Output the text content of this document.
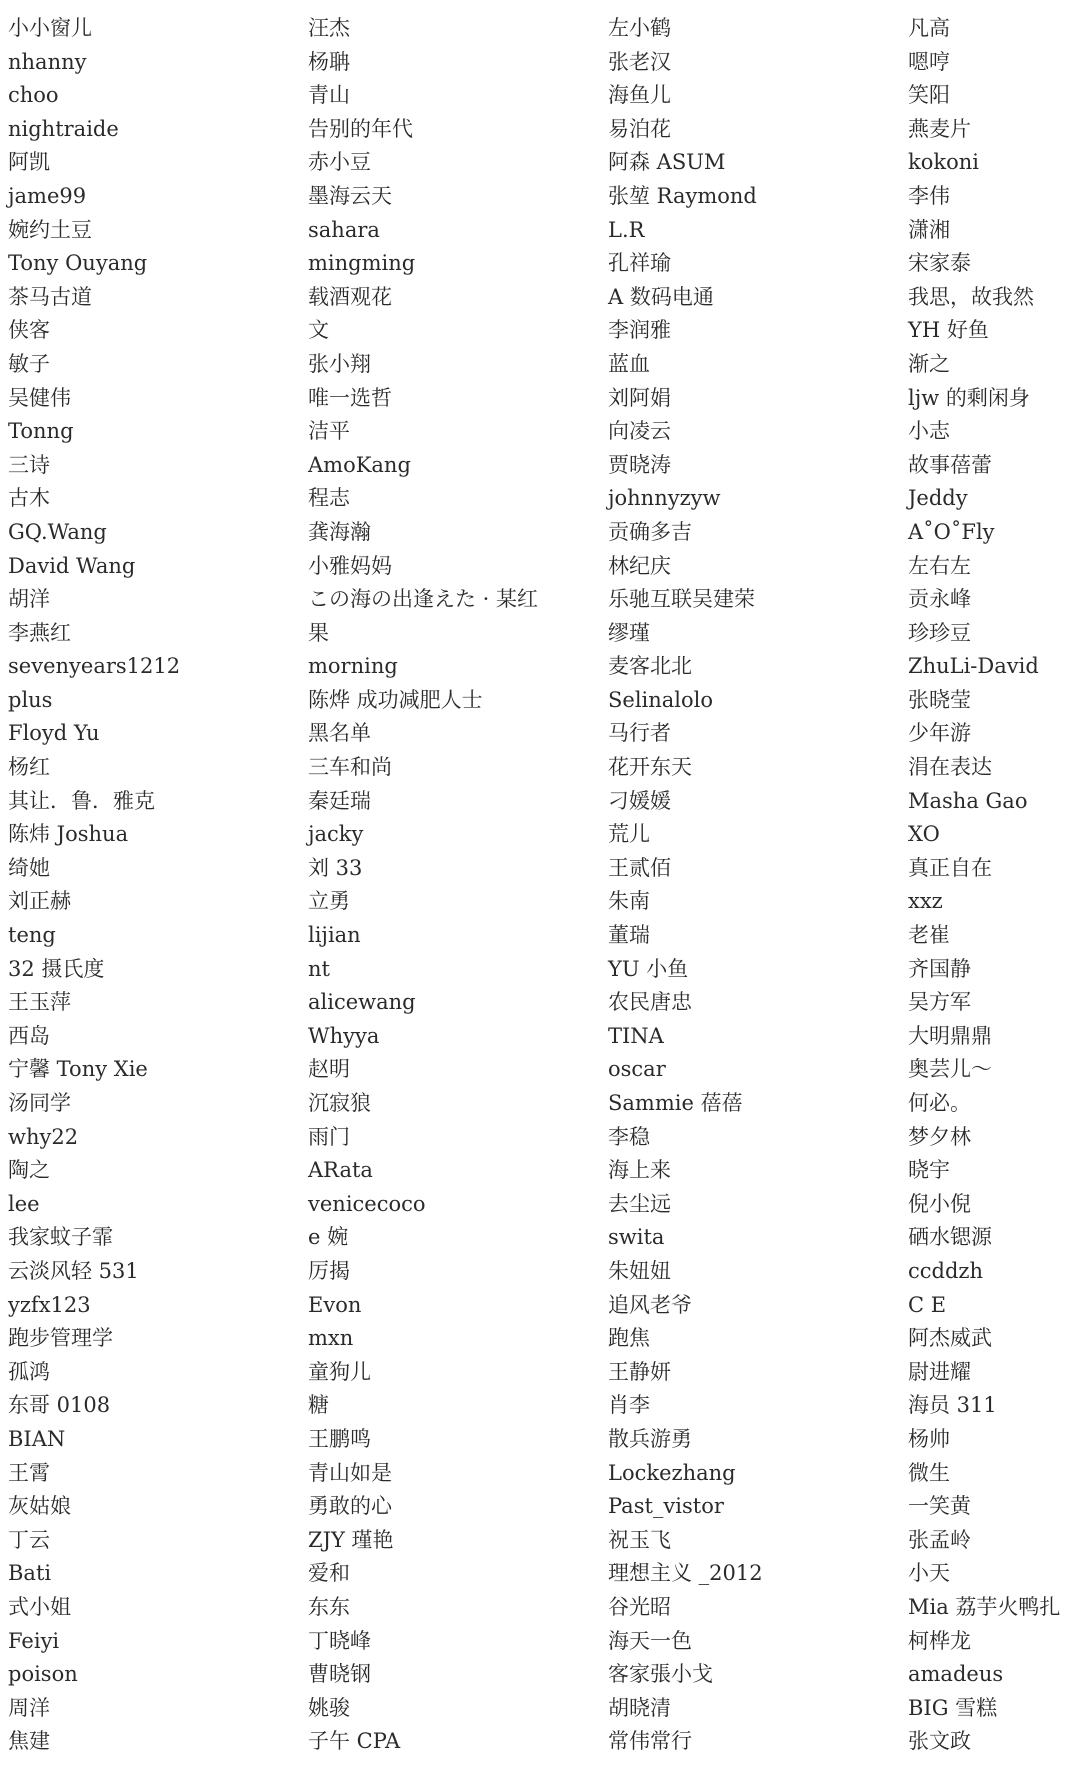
小小窗儿
nhanny
choo
nightraide
阿凯
jame99
婉约土豆
Tony Ouyang
茶马古道
侠客
敏子
吴健伟
Tonng
三诗
古木
GQ.Wang
David Wang
胡洋
李燕红
sevenyears1212
plus
Floyd Yu
杨红
其让．鲁．雅克
陈炜 Joshua
绮她
刘正赫
teng
32 摄氏度
王玉萍
西岛
宁馨 Tony Xie
汤同学
why22
陶之
lee
我家蚊子霏
云淡风轻 531
yzfx123
跑步管理学
孤鸿
东哥 0108
BIAN
王霄
灰姑娘
丁云
Bati
式小姐
Feiyi
poison
周洋
焦建
汪杰
杨聃
青山
告别的年代
赤小豆
墨海云天
sahara
mingming
载酒观花
文
张小翔
唯一选哲
洁平
AmoKang
程志
龚海瀚
小雅妈妈
この海の出逢えた · 某红
果
morning
陈烨 成功减肥人士
黑名单
三车和尚
秦廷瑞
jacky
刘 33
立勇
lijian
nt
alicewang
Whyya
赵明
沉寂狼
雨门
ARata
venicecoco
e 婉
厉揭
Evon
mxn
童狗儿
糖
王鹏鸣
青山如是
勇敢的心
ZJY 瑾艳
爱和
东东
丁晓峰
曹晓钢
姚骏
子午 CPA
左小鹤
张老汉
海鱼儿
易泊花
阿森 ASUM
张堃 Raymond
L.R
孔祥瑜
A 数码电通
李润雅
蓝血
刘阿娟
向凌云
贾晓涛
johnnyzyw
贡确多吉
林纪庆
乐驰互联吴建荣
缪瑾
麦客北北
Selinalolo
马行者
花开东天
刁媛媛
荒儿
王贰佰
朱南
董瑞
YU 小鱼
农民唐忠
TINA
oscar
Sammie 蓓蓓
李稳
海上来
去尘远
swita
朱妞妞
追风老爷
跑焦
王静妍
肖李
散兵游勇
Lockezhang
Past_vistor
祝玉飞
理想主义 _2012
谷光昭
海天一色
客家張小戈
胡晓清
常伟常行
凡高
嗯哼
笑阳
燕麦片
kokoni
李伟
潇湘
宋家泰
我思，故我然
YH 好鱼
渐之
ljw 的剩闲身
小志
故事蓓蕾
Jeddy
A˚O˚Fly
左右左
贡永峰
珍珍豆
ZhuLi-David
张晓莹
少年游
涓在表达
Masha Gao
XO
真正自在
xxz
老崔
齐国静
吴方军
大明鼎鼎
奥芸儿～
何必。
梦夕林
晓宇
倪小倪
硒水锶源
ccddzh
C E
阿杰威武
尉进耀
海员 311
杨帅
微生
一笑黄
张孟岭
小天
Mia 荔芋火鸭扎
柯桦龙
amadeus
BIG 雪糕
张文政
